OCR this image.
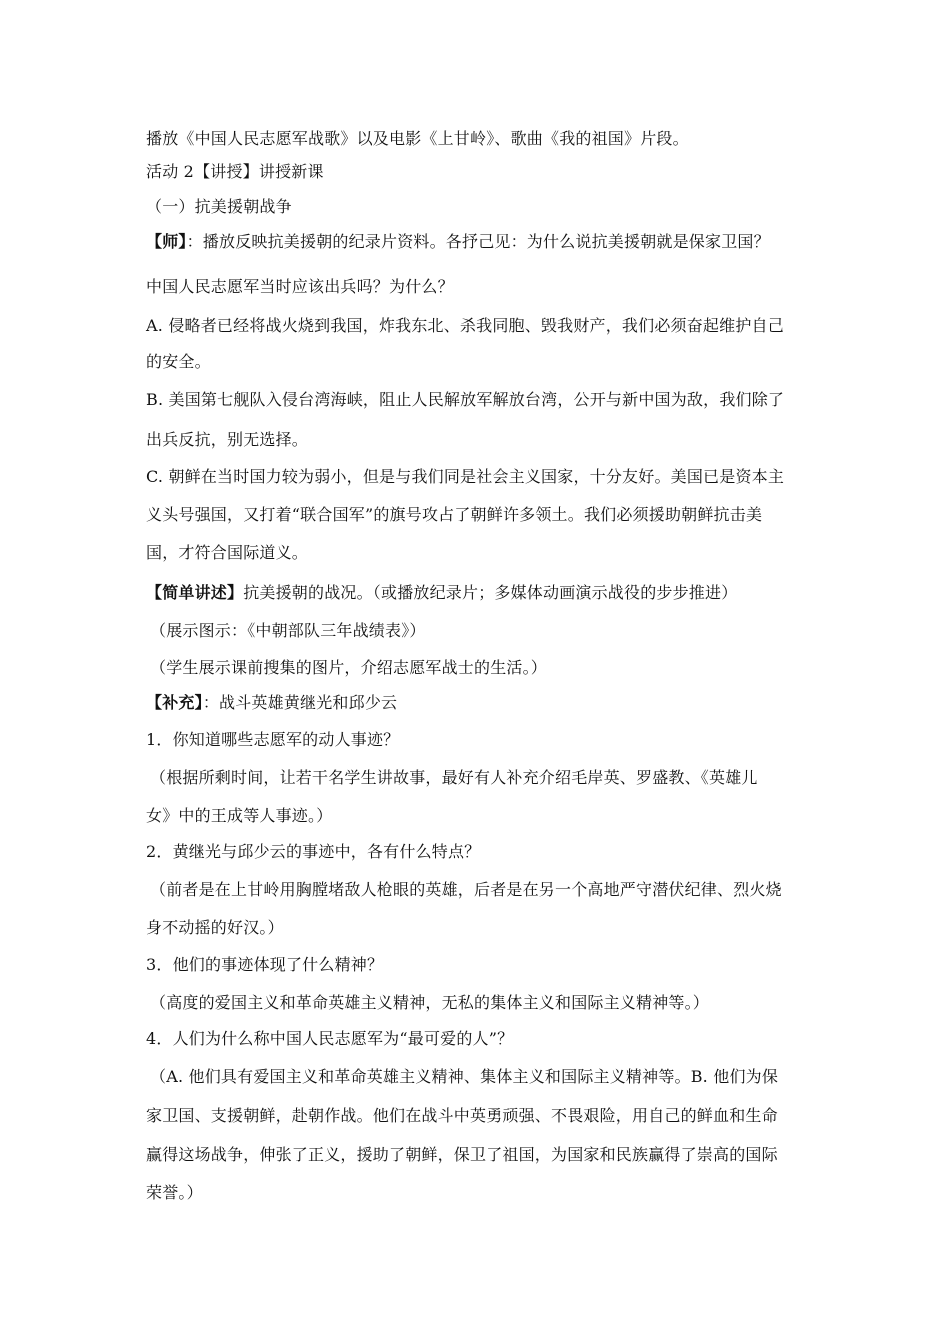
播放《中国人民志愿军战歌》以及电影《上甘岭》、歌曲《我的祖国》片段。
活动 2【讲授】讲授新课
（一）抗美援朝战争
【师】：播放反映抗美援朝的纪录片资料。各抒己见：为什么说抗美援朝就是保家卫国？
中国人民志愿军当时应该出兵吗？为什么？
A. 侵略者已经将战火烧到我国，炸我东北、杀我同胞、毁我财产，我们必须奋起维护自己
的安全。
B. 美国第七舰队入侵台湾海峡，阻止人民解放军解放台湾，公开与新中国为敌，我们除了
出兵反抗，别无选择。
C. 朝鲜在当时国力较为弱小，但是与我们同是社会主义国家，十分友好。美国已是资本主
义头号强国，又打着“联合国军”的旗号攻占了朝鲜许多领土。我们必须援助朝鲜抗击美
国，才符合国际道义。
【简单讲述】抗美援朝的战况。（或播放纪录片；多媒体动画演示战役的步步推进）
（展示图示：《中朝部队三年战绩表》）
（学生展示课前搜集的图片，介绍志愿军战士的生活。）
【补充】：战斗英雄黄继光和邱少云
1．你知道哪些志愿军的动人事迹？
（根据所剩时间，让若干名学生讲故事，最好有人补充介绍毛岸英、罗盛教、《英雄儿
女》中的王成等人事迹。）
2．黄继光与邱少云的事迹中，各有什么特点？
（前者是在上甘岭用胸膛堵敌人枪眼的英雄，后者是在另一个高地严守潜伏纪律、烈火烧
身不动摇的好汉。）
3．他们的事迹体现了什么精神？
（高度的爱国主义和革命英雄主义精神，无私的集体主义和国际主义精神等。）
4．人们为什么称中国人民志愿军为“最可爱的人”？
（A. 他们具有爱国主义和革命英雄主义精神、集体主义和国际主义精神等。B. 他们为保
家卫国、支援朝鲜，赴朝作战。他们在战斗中英勇顽强、不畏艰险，用自己的鲜血和生命
赢得这场战争，伸张了正义，援助了朝鲜，保卫了祖国，为国家和民族赢得了崇高的国际
荣誉。）
